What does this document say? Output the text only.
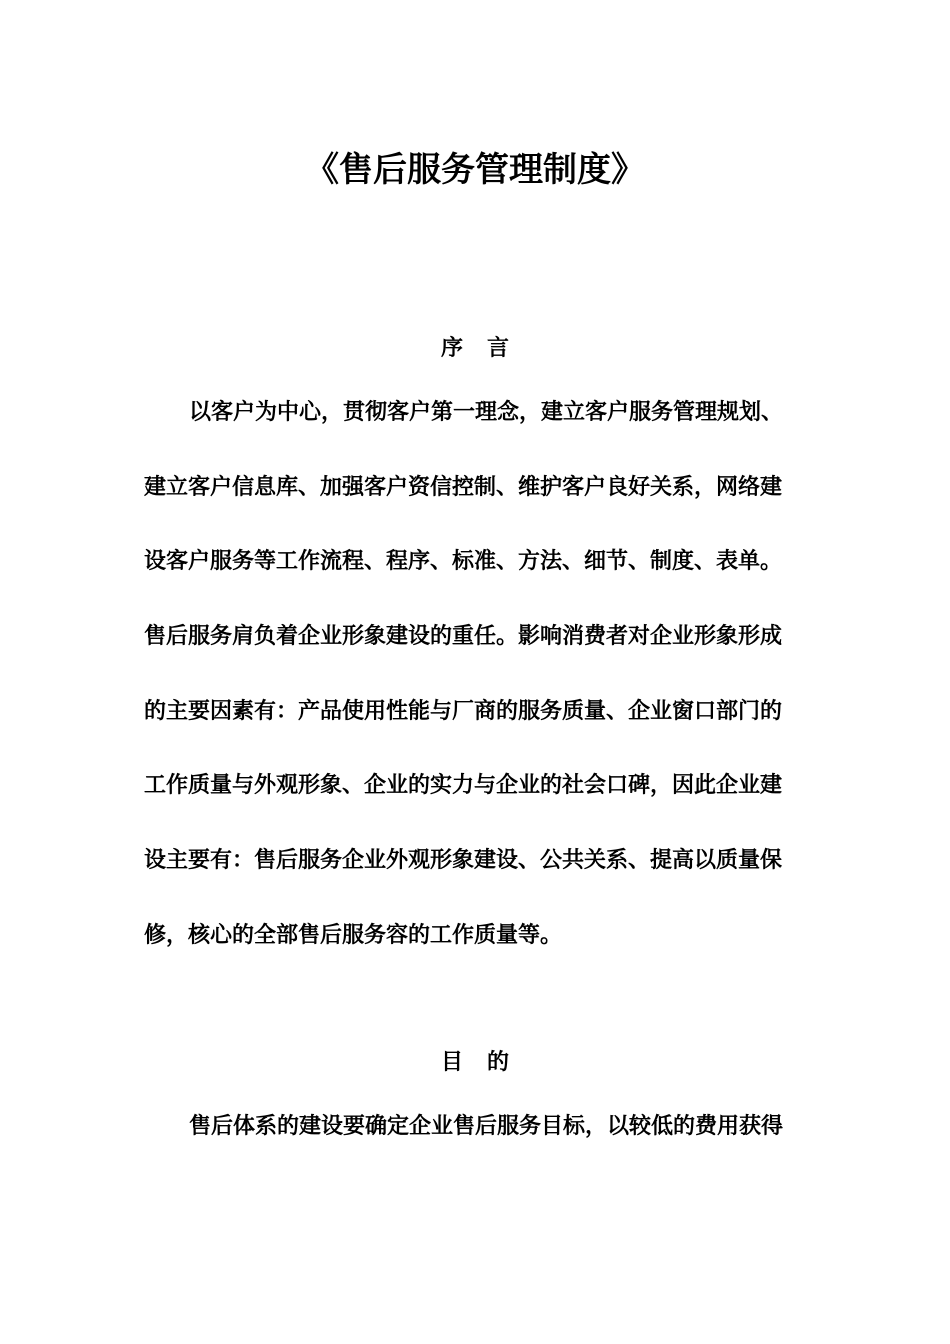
《售后服务管理制度》
序 言
以客户为中心，贯彻客户第一理念，建立客户服务管理规划、
建立客户信息库、加强客户资信控制、维护客户良好关系，网络建
设客户服务等工作流程、程序、标准、方法、细节、制度、表单。
售后服务肩负着企业形象建设的重任。影响消费者对企业形象形成
的主要因素有：产品使用性能与厂商的服务质量、企业窗口部门的
工作质量与外观形象、企业的实力与企业的社会口碑，因此企业建
设主要有：售后服务企业外观形象建设、公共关系、提高以质量保
修，核心的全部售后服务容的工作质量等。
目 的
售后体系的建设要确定企业售后服务目标，以较低的费用获得
